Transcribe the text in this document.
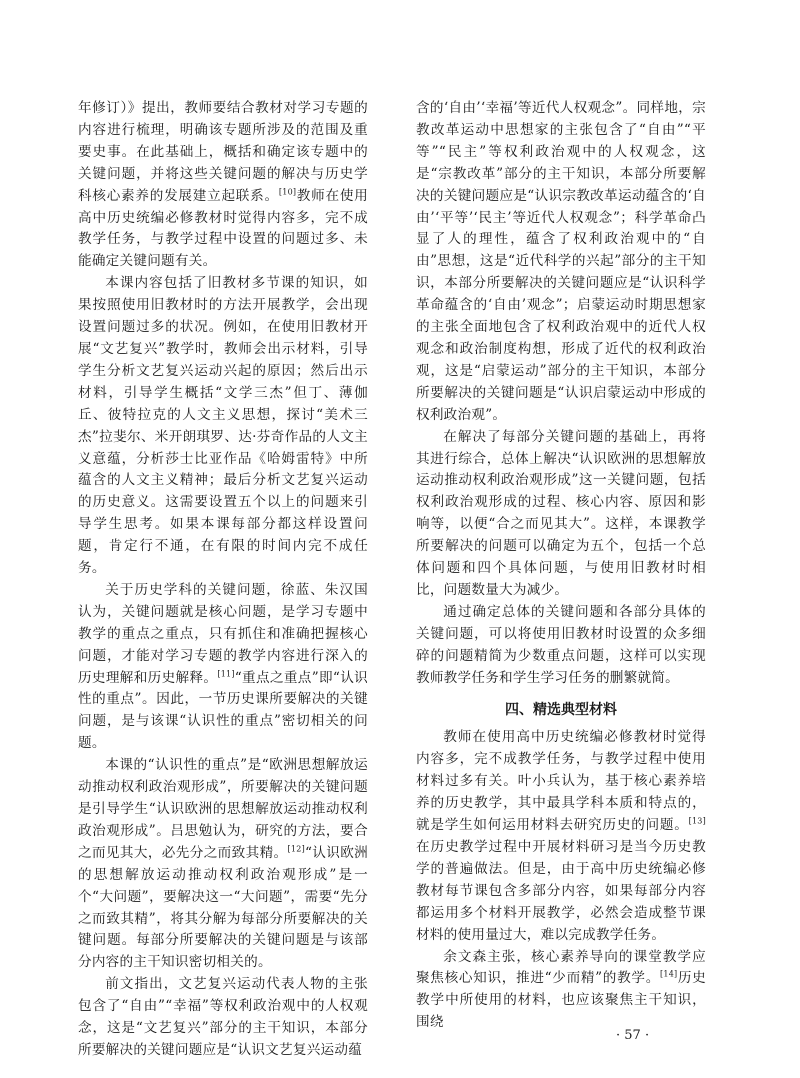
年修订）》提出，教师要结合教材对学习专题的内容进行梳理，明确该专题所涉及的范围及重要史事。在此基础上，概括和确定该专题中的关键问题，并将这些关键问题的解决与历史学科核心素养的发展建立起联系。[10]教师在使用高中历史统编必修教材时觉得内容多，完不成教学任务，与教学过程中设置的问题过多、未能确定关键问题有关。

本课内容包括了旧教材多节课的知识，如果按照使用旧教材时的方法开展教学，会出现设置问题过多的状况。例如，在使用旧教材开展“文艺复兴”教学时，教师会出示材料，引导学生分析文艺复兴运动兴起的原因；然后出示材料，引导学生概括“文学三杰”但丁、薄伽丘、彼特拉克的人文主义思想，探讨“美术三杰”拉斐尔、米开朗琪罗、达·芬奇作品的人文主义意蕴，分析莎士比亚作品《哈姆雷特》中所蕴含的人文主义精神；最后分析文艺复兴运动的历史意义。这需要设置五个以上的问题来引导学生思考。如果本课每部分都这样设置问题，肯定行不通，在有限的时间内完不成任务。

关于历史学科的关键问题，徐蓝、朱汉国认为，关键问题就是核心问题，是学习专题中教学的重点之重点，只有抓住和准确把握核心问题，才能对学习专题的教学内容进行深入的历史理解和历史解释。[11]“重点之重点”即“认识性的重点”。因此，一节历史课所要解决的关键问题，是与该课“认识性的重点”密切相关的问题。

本课的“认识性的重点”是“欧洲思想解放运动推动权利政治观形成”，所要解决的关键问题是引导学生“认识欧洲的思想解放运动推动权利政治观形成”。吕思勉认为，研究的方法，要合之而见其大，必先分之而致其精。[12]“认识欧洲的思想解放运动推动权利政治观形成”是一个“大问题”，要解决这一“大问题”，需要“先分之而致其精”，将其分解为每部分所要解决的关键问题。每部分所要解决的关键问题是与该部分内容的主干知识密切相关的。

前文指出，文艺复兴运动代表人物的主张包含了“自由”“幸福”等权利政治观中的人权观念，这是“文艺复兴”部分的主干知识，本部分所要解决的关键问题应是“认识文艺复兴运动蕴

含的‘自由’‘幸福’等近代人权观念”。同样地，宗教改革运动中思想家的主张包含了“自由”“平等”“民主”等权利政治观中的人权观念，这是“宗教改革”部分的主干知识，本部分所要解决的关键问题应是“认识宗教改革运动蕴含的‘自由’‘平等’‘民主’等近代人权观念”；科学革命凸显了人的理性，蕴含了权利政治观中的“自由”思想，这是“近代科学的兴起”部分的主干知识，本部分所要解决的关键问题应是“认识科学革命蕴含的‘自由’观念”；启蒙运动时期思想家的主张全面地包含了权利政治观中的近代人权观念和政治制度构想，形成了近代的权利政治观，这是“启蒙运动”部分的主干知识，本部分所要解决的关键问题是“认识启蒙运动中形成的权利政治观”。

在解决了每部分关键问题的基础上，再将其进行综合，总体上解决“认识欧洲的思想解放运动推动权利政治观形成”这一关键问题，包括权利政治观形成的过程、核心内容、原因和影响等，以便“合之而见其大”。这样，本课教学所要解决的问题可以确定为五个，包括一个总体问题和四个具体问题，与使用旧教材时相比，问题数量大为减少。

通过确定总体的关键问题和各部分具体的关键问题，可以将使用旧教材时设置的众多细碎的问题精简为少数重点问题，这样可以实现教师教学任务和学生学习任务的删繁就简。

四、精选典型材料

教师在使用高中历史统编必修教材时觉得内容多，完不成教学任务，与教学过程中使用材料过多有关。叶小兵认为，基于核心素养培养的历史教学，其中最具学科本质和特点的，就是学生如何运用材料去研究历史的问题。[13]在历史教学过程中开展材料研习是当今历史教学的普遍做法。但是，由于高中历史统编必修教材每节课包含多部分内容，如果每部分内容都运用多个材料开展教学，必然会造成整节课材料的使用量过大，难以完成教学任务。

余文森主张，核心素养导向的课堂教学应聚焦核心知识，推进“少而精”的教学。[14]历史教学中所使用的材料，也应该聚焦主干知识，围绕

· 57 ·
